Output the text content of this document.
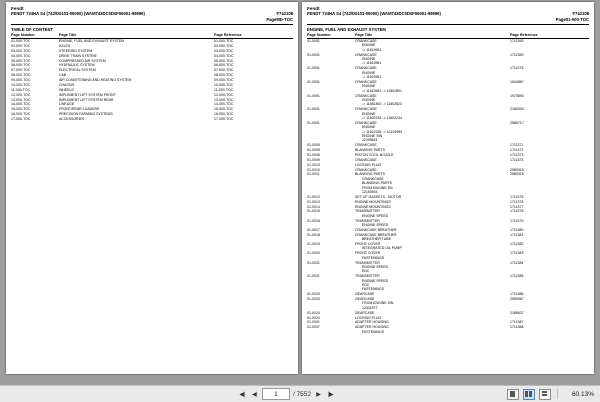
Fendt
FENDT 724HA S4 (743/D0101-09000) (WAM743DC0D0F06001-99999)	F742108
PageMD-TOC
TABLE OF CONTENT
Page Number	Page Title	Page Reference
01-000-TOC	ENGINE, FUEL AND EXHAUST SYSTEM	01-000-TOC
02-000-TOC	AXLES	02-000-TOC
03-000-TOC	STEERING SYSTEM	03-000-TOC
04-000-TOC	DRIVE TRAIN SYSTEM	04-000-TOC
05-000-TOC	COMPRESSED AIR SYSTEM	05-000-TOC
06-000-TOC	HYDRAULIC SYSTEM	06-000-TOC
07-000-TOC	ELECTRICAL SYSTEM	07-000-TOC
08-000-TOC	CAB	08-000-TOC
09-000-TOC	AIR CONDITIONING AND HEATING SYSTEM	09-000-TOC
10-000-TOC	CHASSIS	10-000-TOC
11-000-TOC	WHEELS	11-000-TOC
12-000-TOC	IMPLEMENT LIFT SYSTEM FRONT	12-000-TOC
13-000-TOC	IMPLEMENT LIFT SYSTEM REAR	13-000-TOC
14-000-TOC	LINKAGE	14-000-TOC
15-000-TOC	FRONT/REAR LOADERS	15-000-TOC
16-000-TOC	PRECISION FARMING SYSTEMS	16-000-TOC
17-000-TOC	ACCESSORIES	17-000-TOC
Fendt
FENDT 724HA S4 (743/D0101-09000) (WAM743DC0D0F06001-99999)	F742108
Page01-000-TOC
ENGINE, FUEL AND EXHAUST SYSTEM
Page Number	Page Title	Page Reference
01-0001	CRANKCASE
ENGINE
-> 11619941	1711369
01-0001	CRANKCASE
ENGINE
-> 11619941	1711369
01-0001	CRANKCASE
ENGINE
-> 11619941	1711378
01-0001	CRANKCASE
ENGINE
-> 11619942 -> 11851891	1944867
01-0001	CRANKCASE
ENGINE
-> 11851892 -> 11602823	1970893
01-0001	CRANKCASE
ENGINE
-> 11602234 -> 11602234	2180934
01-0001	CRANKCASE
ENGINE
-> 11622235 -> 12129999
ENGINE SIN
12299651	2565717
01-0005	CRANKCASE	1711371
01-0005	BLANKING PARTS	1711372
01-0006	PISTON COOL.NOZZLE	1711373
01-0009	CRANKCASE	1711374
01-0010	LOCKING PLUG	

01-0010	CRANKCASE	2589315
01-0011	BLANKING PARTS
CRANKCASE
BLANKING PARTS
FROM ENGINE SN
12183944	2589315
01-0012	SET OF GASKETS - MOTOR	1711375
01-0013	ENGINE MOUNTINGS	1711376
01-0014	ENGINE MOUNTINGS	1711377
01-0015	TRANSMITTER
ENGINE SPEED	1711378
01-0016	TRANSMITTER
ENGINE SPEED	1711379
01-0017	CRANKCASE BREATHER	1711380
01-0018	CRANKCASE BREATHER
BREATHER TUBE	1711381
01-0019	FRONT COVER
INTEGRATED OIL PUMP	1711382
01-0020	FRONT COVER
FASTENINGS	1711383
01-0021	TRANSMITTER
ENGINE SPEED
EDC	1711384
01-0021	TRANSMITTER
ENGINE SPEED
EDC
FASTENINGS	1711385
01-0023	GEARCASE	1711386
01-0023	GEARCASE
FROM ENGINE SIN
12331577	2589967
01-0024	GEARCASE	2188637
01-0024	LOCKING PLUG	

01-0001	ADAPTER HOUSING	1711387
01-0007	ADAPTER HOUSING
FASTENINGS	1711388
◀|	◀	1	/ 7552 ▶	|▶	60.13%
